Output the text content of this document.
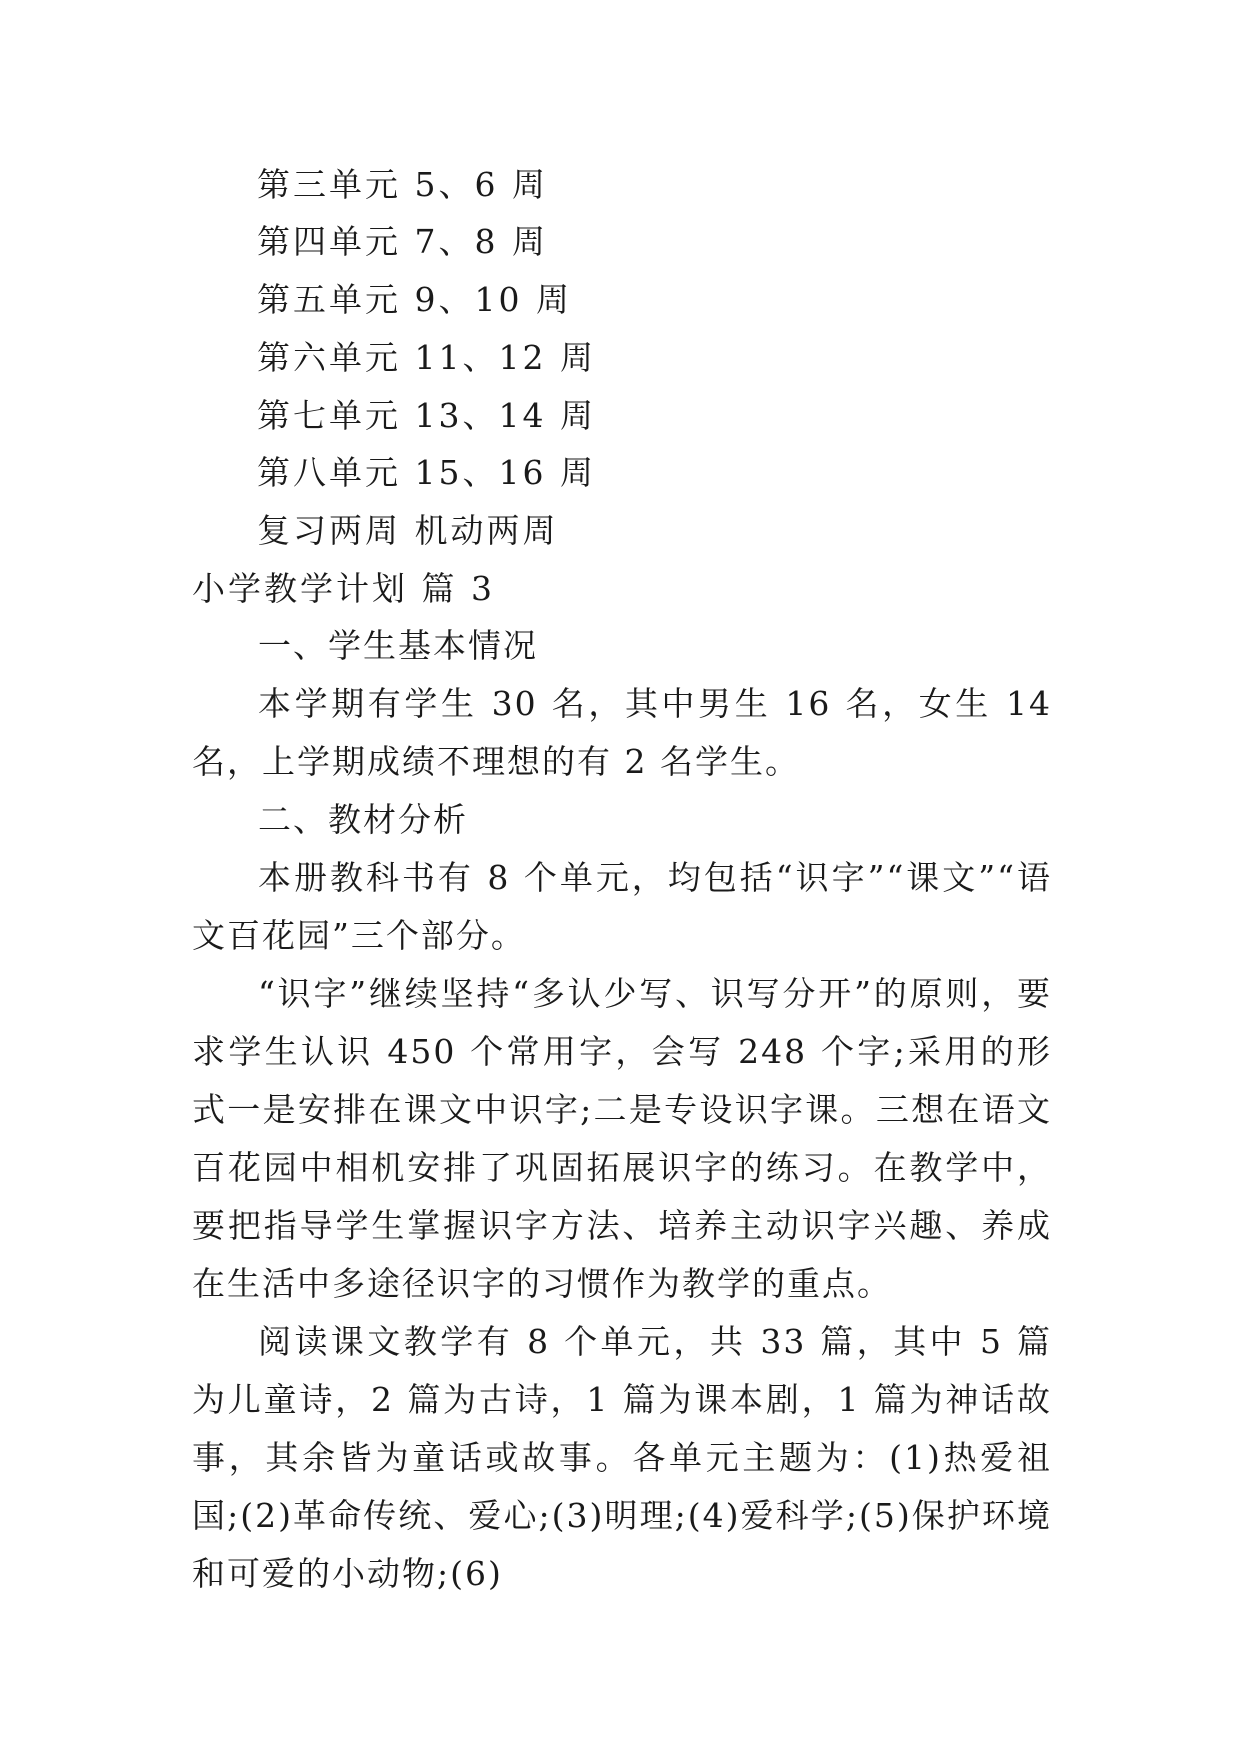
第三单元 5、6 周

第四单元 7、8 周

第五单元 9、10 周

第六单元 11、12 周

第七单元 13、14 周

第八单元 15、16 周

复习两周 机动两周

小学教学计划 篇 3

一、学生基本情况

本学期有学生 30 名，其中男生 16 名，女生 14 名，上学期成绩不理想的有 2 名学生。

二、教材分析

本册教科书有 8 个单元，均包括“识字”“课文”“语文百花园”三个部分。

“识字”继续坚持“多认少写、识写分开”的原则，要求学生认识 450 个常用字，会写 248 个字;采用的形式一是安排在课文中识字;二是专设识字课。三想在语文百花园中相机安排了巩固拓展识字的练习。在教学中，要把指导学生掌握识字方法、培养主动识字兴趣、养成在生活中多途径识字的习惯作为教学的重点。

阅读课文教学有 8 个单元，共 33 篇，其中 5 篇为儿童诗，2 篇为古诗，1 篇为课本剧，1 篇为神话故事，其余皆为童话或故事。各单元主题为：(1)热爱祖国;(2)革命传统、爱心;(3)明理;(4)爱科学;(5)保护环境和可爱的小动物;(6)
